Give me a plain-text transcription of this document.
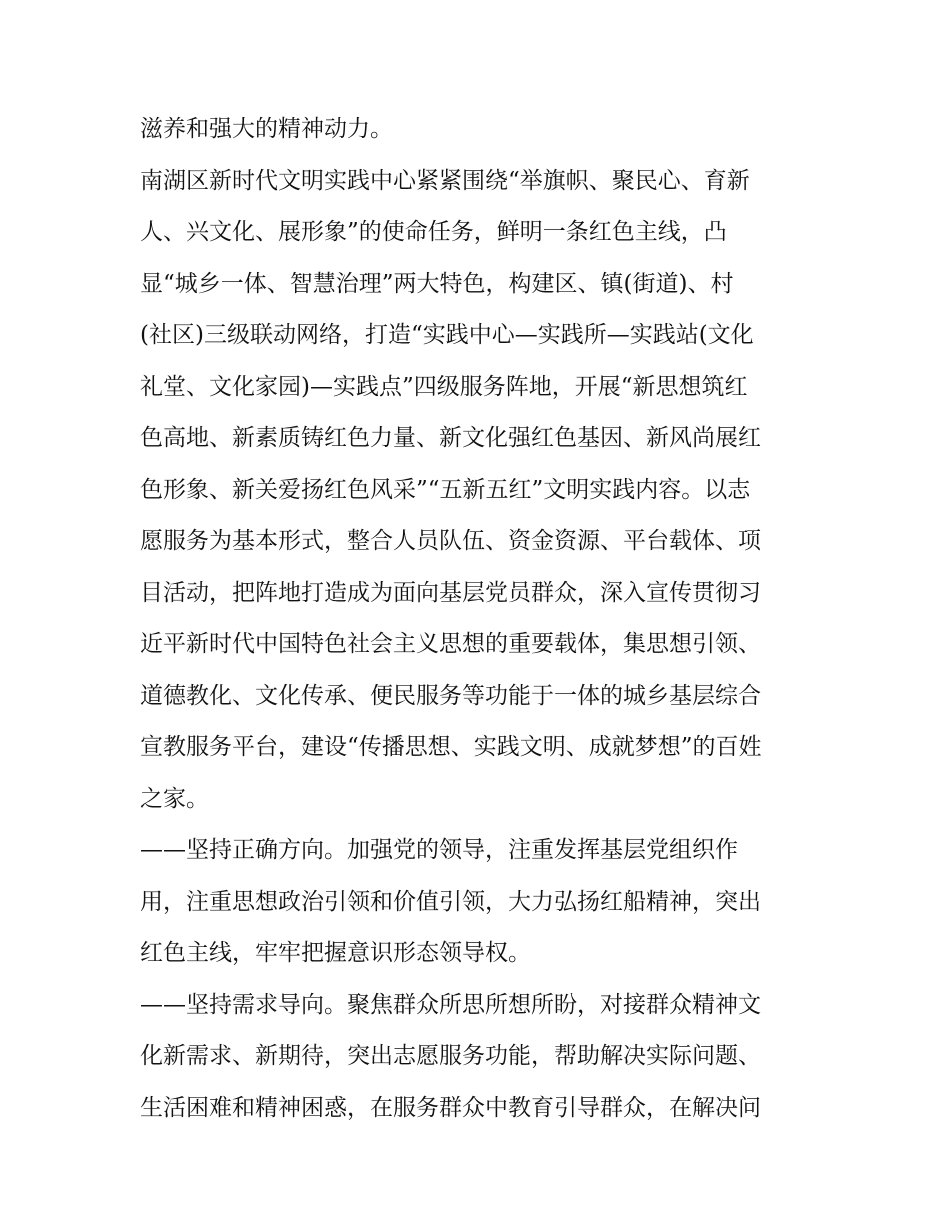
滋养和强大的精神动力。
南湖区新时代文明实践中心紧紧围绕“举旗帜、聚民心、育新
人、兴文化、展形象”的使命任务，鲜明一条红色主线，凸
显“城乡一体、智慧治理”两大特色，构建区、镇(街道)、村
(社区)三级联动网络，打造“实践中心—实践所—实践站(文化
礼堂、文化家园)—实践点”四级服务阵地，开展“新思想筑红
色高地、新素质铸红色力量、新文化强红色基因、新风尚展红
色形象、新关爱扬红色风采”“五新五红”文明实践内容。以志
愿服务为基本形式，整合人员队伍、资金资源、平台载体、项
目活动，把阵地打造成为面向基层党员群众，深入宣传贯彻习
近平新时代中国特色社会主义思想的重要载体，集思想引领、
道德教化、文化传承、便民服务等功能于一体的城乡基层综合
宣教服务平台，建设“传播思想、实践文明、成就梦想”的百姓
之家。
——坚持正确方向。加强党的领导，注重发挥基层党组织作
用，注重思想政治引领和价值引领，大力弘扬红船精神，突出
红色主线，牢牢把握意识形态领导权。
——坚持需求导向。聚焦群众所思所想所盼，对接群众精神文
化新需求、新期待，突出志愿服务功能，帮助解决实际问题、
生活困难和精神困惑，在服务群众中教育引导群众，在解决问
